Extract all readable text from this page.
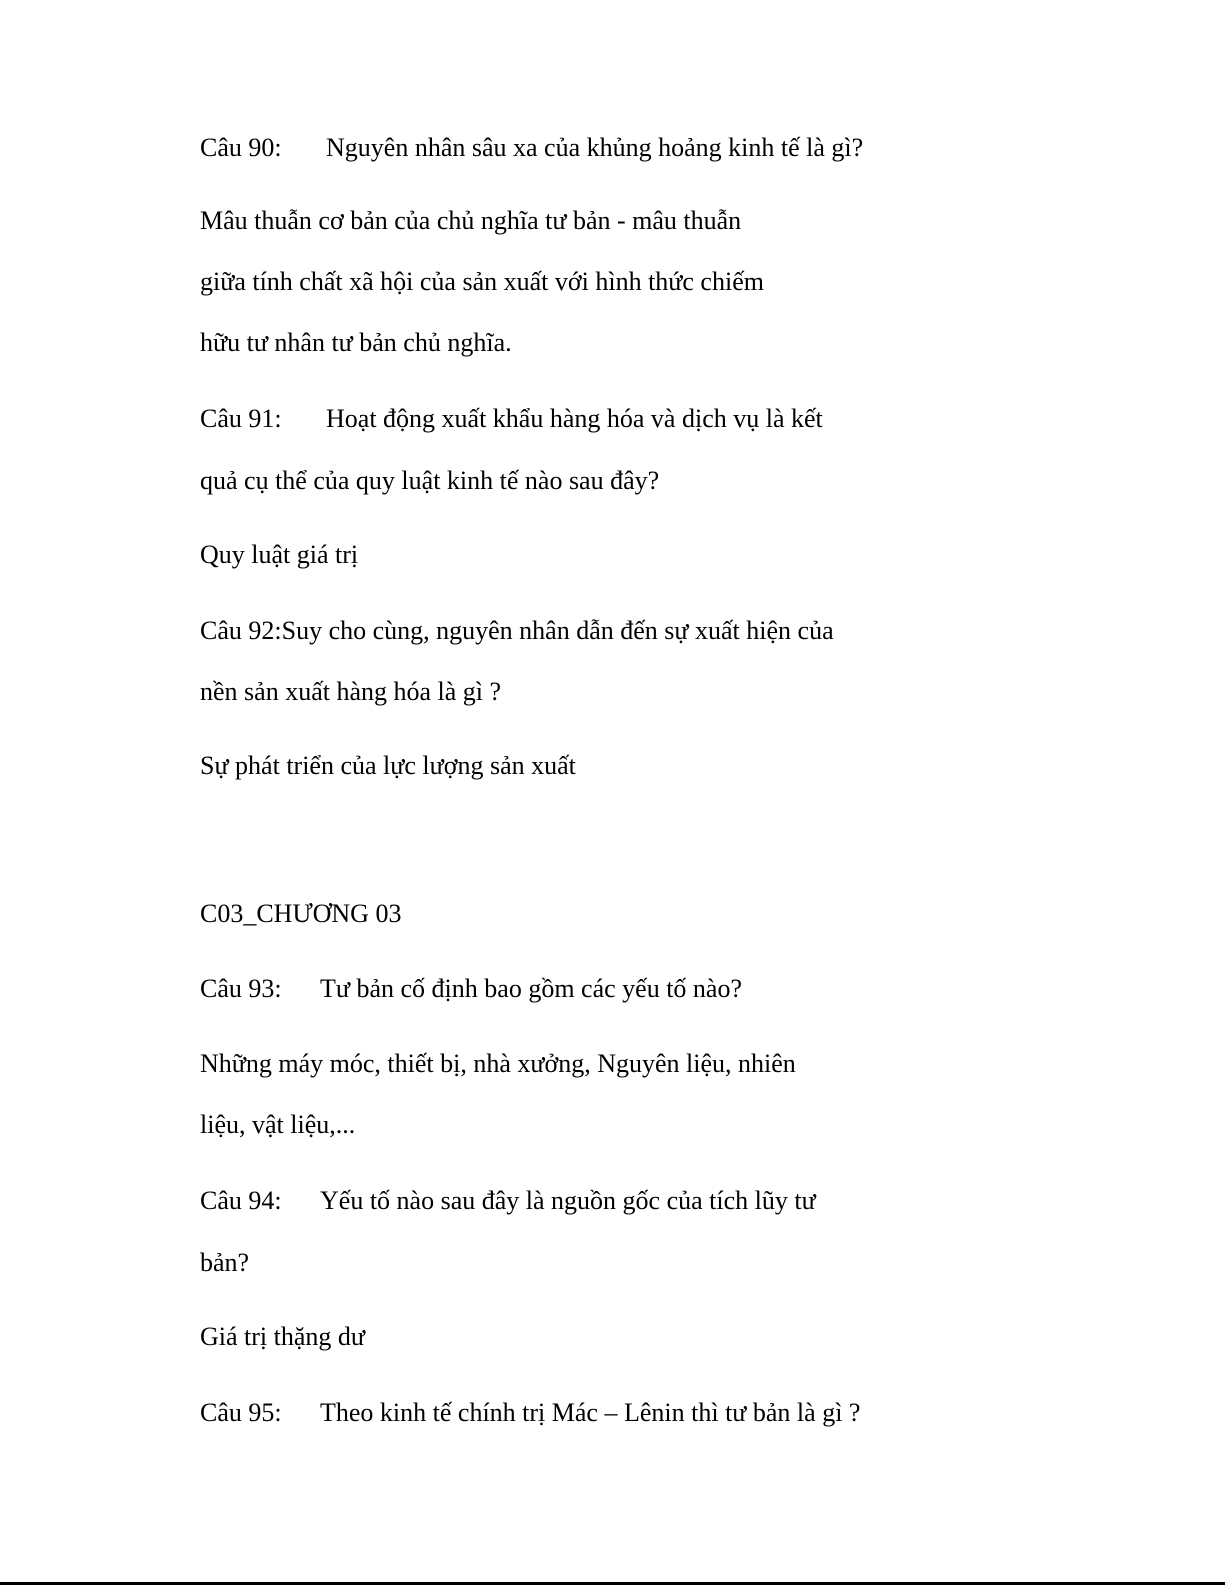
Câu 90: Nguyên nhân sâu xa của khủng hoảng kinh tế là gì?

Mâu thuẫn cơ bản của chủ nghĩa tư bản - mâu thuẫn

giữa tính chất xã hội của sản xuất với hình thức chiếm

hữu tư nhân tư bản chủ nghĩa.

Câu 91: Hoạt động xuất khẩu hàng hóa và dịch vụ là kết

quả cụ thể của quy luật kinh tế nào sau đây?

Quy luật giá trị

Câu 92:Suy cho cùng, nguyên nhân dẫn đến sự xuất hiện của

nền sản xuất hàng hóa là gì ?

Sự phát triển của lực lượng sản xuất

C03_CHƯƠNG 03

Câu 93: Tư bản cố định bao gồm các yếu tố nào?

Những máy móc, thiết bị, nhà xưởng, Nguyên liệu, nhiên

liệu, vật liệu,...

Câu 94: Yếu tố nào sau đây là nguồn gốc của tích lũy tư

bản?

Giá trị thặng dư

Câu 95: Theo kinh tế chính trị Mác – Lênin thì tư bản là gì ?
